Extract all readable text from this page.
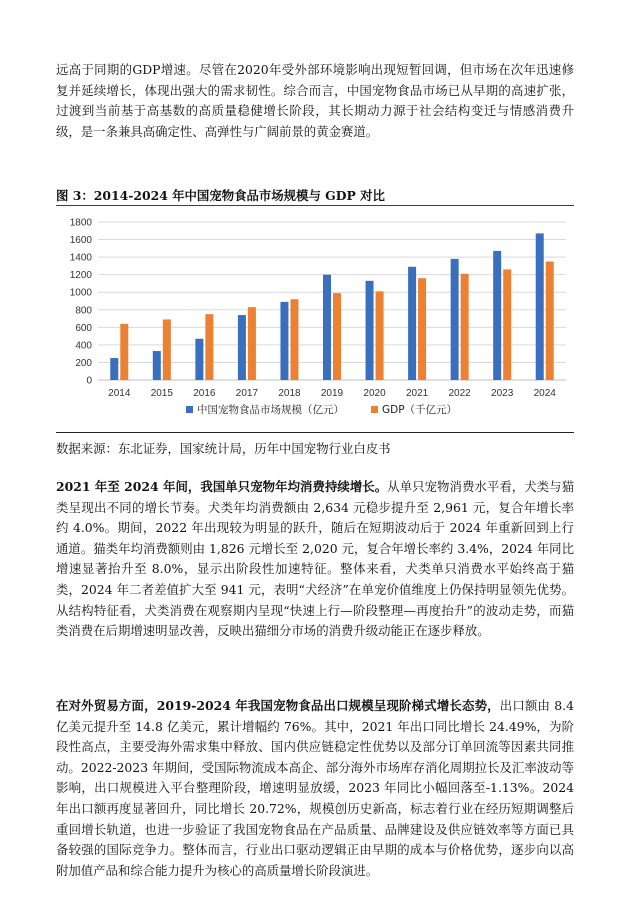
远高于同期的GDP增速。尽管在2020年受外部环境影响出现短暂回调，但市场在次年迅速修复并延续增长，体现出强大的需求韧性。综合而言，中国宠物食品市场已从早期的高速扩张，过渡到当前基于高基数的高质量稳健增长阶段，其长期动力源于社会结构变迁与情感消费升级，是一条兼具高确定性、高弹性与广阔前景的黄金赛道。

图 3：2014-2024 年中国宠物食品市场规模与 GDP 对比

0
200
400
600
800
1000
1200
1400
1600
1800
2014 2015 2016 2017 2018 2019 2020 2021 2022 2023 2024
中国宠物食品市场规模（亿元）	GDP（千亿元）

数据来源：东北证券，国家统计局，历年中国宠物行业白皮书

2021 年至 2024 年间，我国单只宠物年均消费持续增长。从单只宠物消费水平看，犬类与猫类呈现出不同的增长节奏。犬类年均消费额由 2,634 元稳步提升至 2,961 元，复合年增长率约 4.0%。期间，2022 年出现较为明显的跃升，随后在短期波动后于 2024 年重新回到上行通道。猫类年均消费额则由 1,826 元增长至 2,020 元，复合年增长率约 3.4%，2024 年同比增速显著抬升至 8.0%，显示出阶段性加速特征。整体来看，犬类单只消费水平始终高于猫类，2024 年二者差值扩大至 941 元，表明“犬经济”在单宠价值维度上仍保持明显领先优势。从结构特征看，犬类消费在观察期内呈现“快速上行—阶段整理—再度抬升”的波动走势，而猫类消费在后期增速明显改善，反映出猫细分市场的消费升级动能正在逐步释放。

在对外贸易方面，2019-2024 年我国宠物食品出口规模呈现阶梯式增长态势，出口额由 8.4 亿美元提升至 14.8 亿美元，累计增幅约 76%。其中，2021 年出口同比增长 24.49%，为阶段性高点，主要受海外需求集中释放、国内供应链稳定性优势以及部分订单回流等因素共同推动。2022-2023 年期间，受国际物流成本高企、部分海外市场库存消化周期拉长及汇率波动等影响，出口规模进入平台整理阶段，增速明显放缓，2023 年同比小幅回落至-1.13%。2024 年出口额再度显著回升，同比增长 20.72%，规模创历史新高，标志着行业在经历短期调整后重回增长轨道，也进一步验证了我国宠物食品在产品质量、品牌建设及供应链效率等方面已具备较强的国际竞争力。整体而言，行业出口驱动逻辑正由早期的成本与价格优势，逐步向以高附加值产品和综合能力提升为核心的高质量增长阶段演进。
